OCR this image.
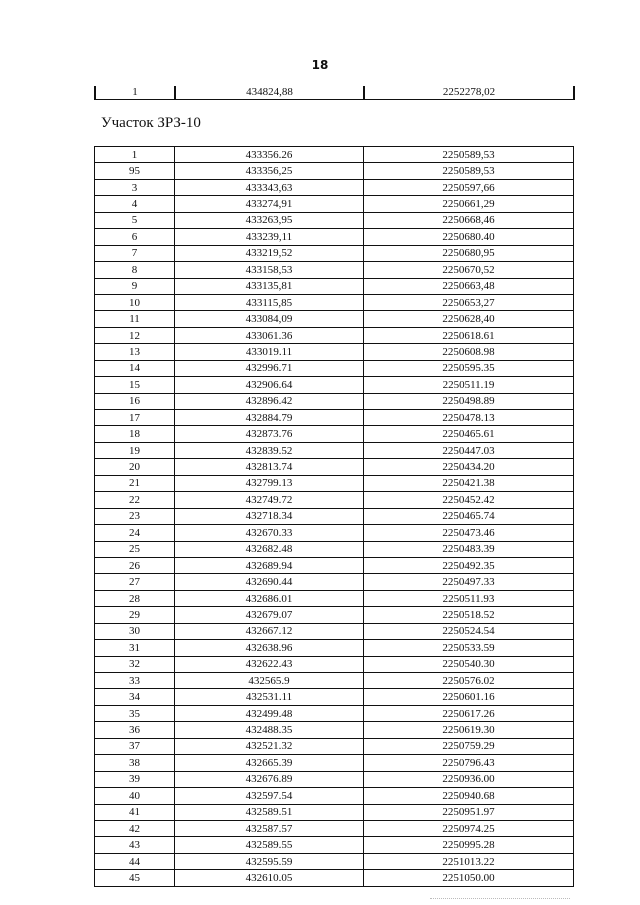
18
1	434824,88	2252278,02
Участок ЗРЗ-10
1	433356.26	2250589,53
95	433356,25	2250589,53
3	433343,63	2250597,66
4	433274,91	2250661,29
5	433263,95	2250668,46
6	433239,11	2250680.40
7	433219,52	2250680,95
8	433158,53	2250670,52
9	433135,81	2250663,48
10	433115,85	2250653,27
11	433084,09	2250628,40
12	433061.36	2250618.61
13	433019.11	2250608.98
14	432996.71	2250595.35
15	432906.64	2250511.19
16	432896.42	2250498.89
17	432884.79	2250478.13
18	432873.76	2250465.61
19	432839.52	2250447.03
20	432813.74	2250434.20
21	432799.13	2250421.38
22	432749.72	2250452.42
23	432718.34	2250465.74
24	432670.33	2250473.46
25	432682.48	2250483.39
26	432689.94	2250492.35
27	432690.44	2250497.33
28	432686.01	2250511.93
29	432679.07	2250518.52
30	432667.12	2250524.54
31	432638.96	2250533.59
32	432622.43	2250540.30
33	432565.9	2250576.02
34	432531.11	2250601.16
35	432499.48	2250617.26
36	432488.35	2250619.30
37	432521.32	2250759.29
38	432665.39	2250796.43
39	432676.89	2250936.00
40	432597.54	2250940.68
41	432589.51	2250951.97
42	432587.57	2250974.25
43	432589.55	2250995.28
44	432595.59	2251013.22
45	432610.05	2251050.00
